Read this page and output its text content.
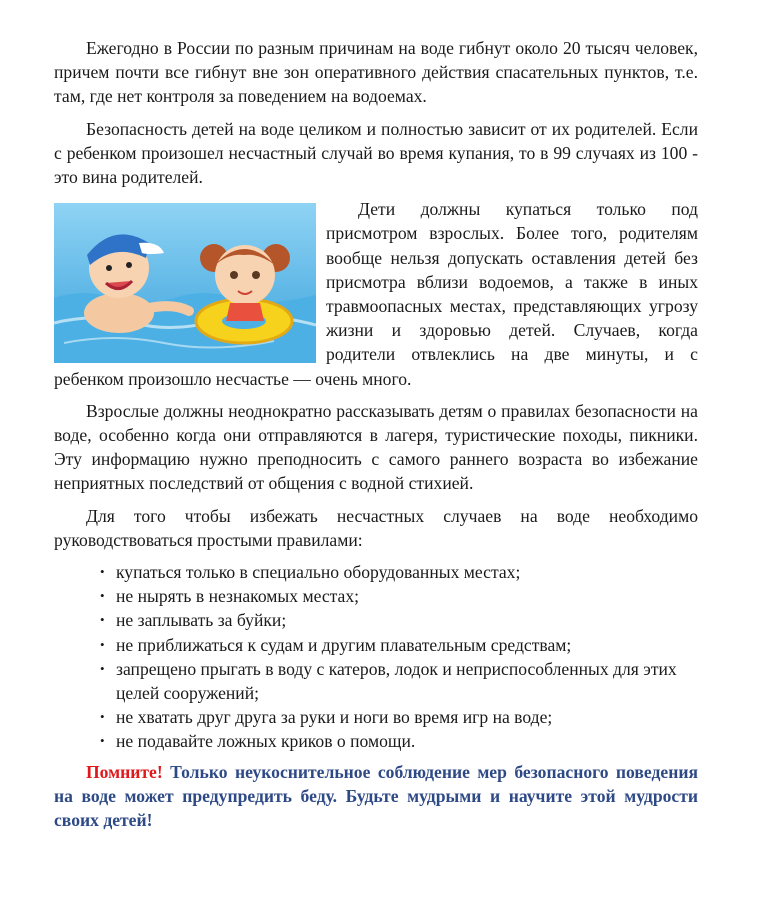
Ежегодно в России по разным причинам на воде гибнут около 20 тысяч человек, причем почти все гибнут вне зон оперативного действия спасательных пунктов, т.е. там, где нет контроля за поведением на водоемах.

Безопасность детей на воде целиком и полностью зависит от их родителей. Если с ребенком произошел несчастный случай во время купания, то в 99 случаях из 100 - это вина родителей.

Дети должны купаться только под присмотром взрослых. Более того, родителям вообще нельзя допускать оставления детей без присмотра вблизи водоемов, а также в иных травмоопасных местах, представляющих угрозу жизни и здоровью детей. Случаев, когда родители отвлеклись на две минуты, и с ребенком произошло несчастье — очень много.

Взрослые должны неоднократно рассказывать детям о правилах безопасности на воде, особенно когда они отправляются в лагеря, туристические походы, пикники. Эту информацию нужно преподносить с самого раннего возраста во избежание неприятных последствий от общения с водной стихией.

Для того чтобы избежать несчастных случаев на воде необходимо руководствоваться простыми правилами:

• купаться только в специально оборудованных местах;
• не нырять в незнакомых местах;
• не заплывать за буйки;
• не приближаться к судам и другим плавательным средствам;
• запрещено прыгать в воду с катеров, лодок и неприспособленных для этих целей сооружений;
• не хватать друг друга за руки и ноги во время игр на воде;
• не подавайте ложных криков о помощи.

Помните! Только неукоснительное соблюдение мер безопасного поведения на воде может предупредить беду. Будьте мудрыми и научите этой мудрости своих детей!
